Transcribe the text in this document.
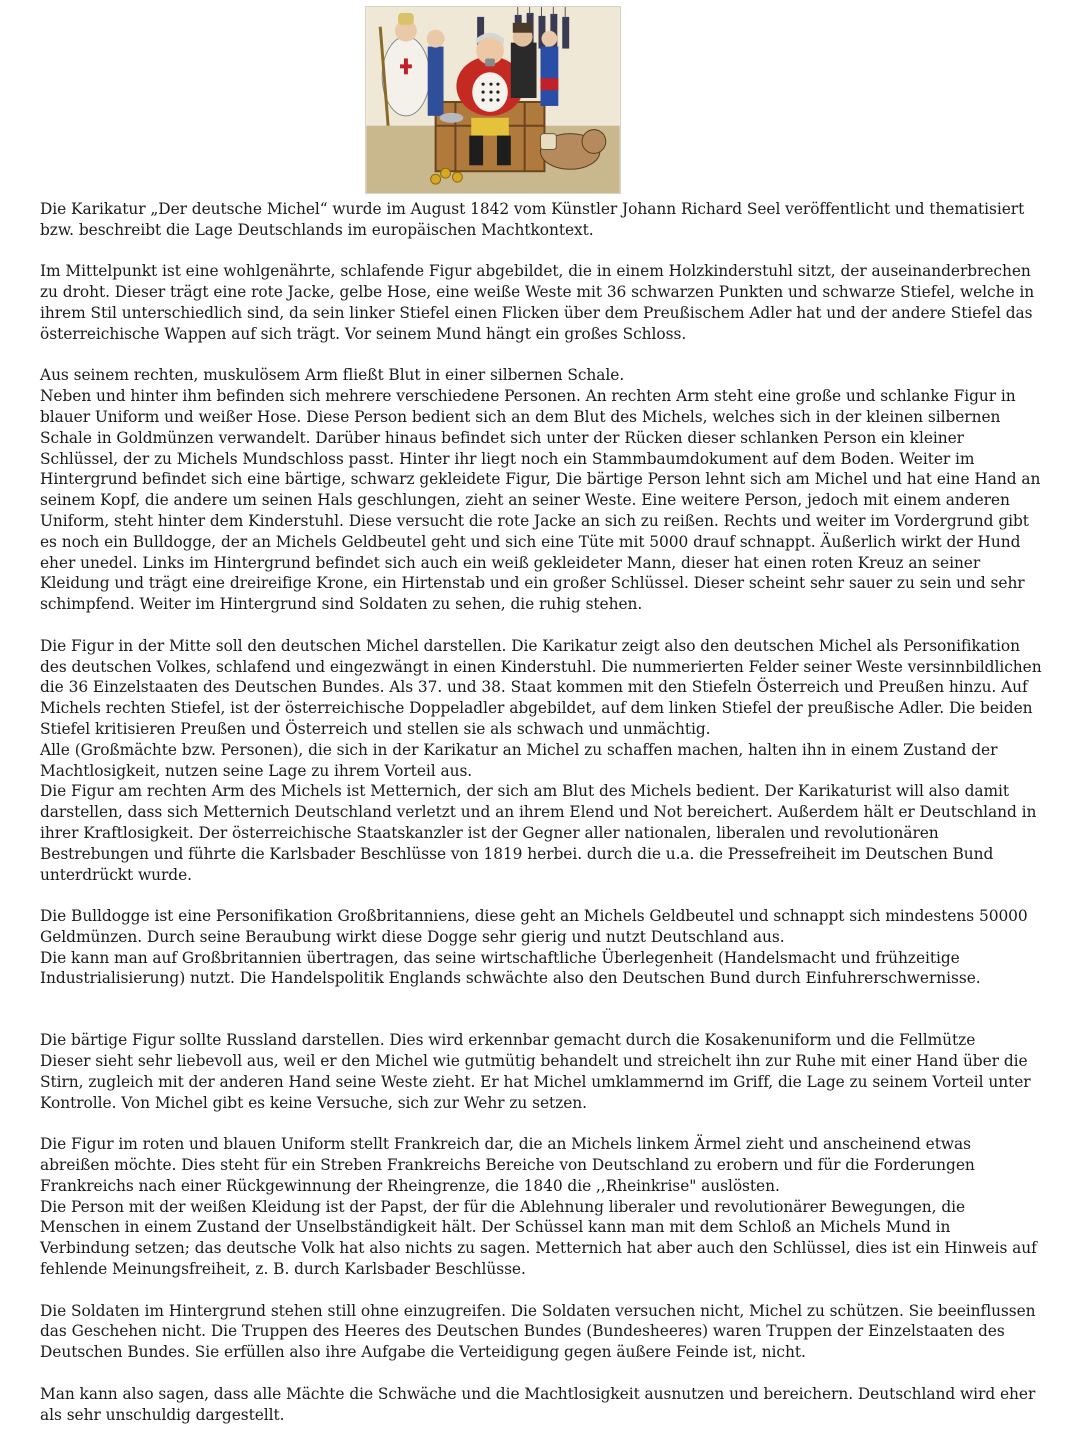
Die Karikatur „Der deutsche Michel“ wurde im August 1842 vom Künstler Johann Richard Seel veröffentlicht und thematisiert bzw. beschreibt die Lage Deutschlands im europäischen Machtkontext.

Im Mittelpunkt ist eine wohlgenährte, schlafende Figur abgebildet, die in einem Holzkinderstuhl sitzt, der auseinanderbrechen zu droht. Dieser trägt eine rote Jacke, gelbe Hose, eine weiße Weste mit 36 schwarzen Punkten und schwarze Stiefel, welche in ihrem Stil unterschiedlich sind, da sein linker Stiefel einen Flicken über dem Preußischem Adler hat und der andere Stiefel das österreichische Wappen auf sich trägt. Vor seinem Mund hängt ein großes Schloss.

Aus seinem rechten, muskulösem Arm fließt Blut in einer silbernen Schale.
Neben und hinter ihm befinden sich mehrere verschiedene Personen. An rechten Arm steht eine große und schlanke Figur in blauer Uniform und weißer Hose. Diese Person bedient sich an dem Blut des Michels, welches sich in der kleinen silbernen Schale in Goldmünzen verwandelt. Darüber hinaus befindet sich unter der Rücken dieser schlanken Person ein kleiner Schlüssel, der zu Michels Mundschloss passt. Hinter ihr liegt noch ein Stammbaumdokument auf dem Boden. Weiter im Hintergrund befindet sich eine bärtige, schwarz gekleidete Figur, Die bärtige Person lehnt sich am Michel und hat eine Hand an seinem Kopf, die andere um seinen Hals geschlungen, zieht an seiner Weste. Eine weitere Person, jedoch mit einem anderen Uniform, steht hinter dem Kinderstuhl. Diese versucht die rote Jacke an sich zu reißen. Rechts und weiter im Vordergrund gibt es noch ein Bulldogge, der an Michels Geldbeutel geht und sich eine Tüte mit 5000 drauf schnappt. Äußerlich wirkt der Hund eher unedel. Links im Hintergrund befindet sich auch ein weiß gekleideter Mann, dieser hat einen roten Kreuz an seiner Kleidung und trägt eine dreireifige Krone, ein Hirtenstab und ein großer Schlüssel. Dieser scheint sehr sauer zu sein und sehr schimpfend. Weiter im Hintergrund sind Soldaten zu sehen, die ruhig stehen.

Die Figur in der Mitte soll den deutschen Michel darstellen. Die Karikatur zeigt also den deutschen Michel als Personifikation des deutschen Volkes, schlafend und eingezwängt in einen Kinderstuhl. Die nummerierten Felder seiner Weste versinnbildlichen die 36 Einzelstaaten des Deutschen Bundes. Als 37. und 38. Staat kommen mit den Stiefeln Österreich und Preußen hinzu. Auf Michels rechten Stiefel, ist der österreichische Doppeladler abgebildet, auf dem linken Stiefel der preußische Adler. Die beiden Stiefel kritisieren Preußen und Österreich und stellen sie als schwach und unmächtig.
Alle (Großmächte bzw. Personen), die sich in der Karikatur an Michel zu schaffen machen, halten ihn in einem Zustand der Machtlosigkeit, nutzen seine Lage zu ihrem Vorteil aus.
Die Figur am rechten Arm des Michels ist Metternich, der sich am Blut des Michels bedient. Der Karikaturist will also damit darstellen, dass sich Metternich Deutschland verletzt und an ihrem Elend und Not bereichert. Außerdem hält er Deutschland in ihrer Kraftlosigkeit. Der österreichische Staatskanzler ist der Gegner aller nationalen, liberalen und revolutionären Bestrebungen und führte die Karlsbader Beschlüsse von 1819 herbei. durch die u.a. die Pressefreiheit im Deutschen Bund unterdrückt wurde.

Die Bulldogge ist eine Personifikation Großbritanniens, diese geht an Michels Geldbeutel und schnappt sich mindestens 50000 Geldmünzen. Durch seine Beraubung wirkt diese Dogge sehr gierig und nutzt Deutschland aus.
Die kann man auf Großbritannien übertragen, das seine wirtschaftliche Überlegenheit (Handelsmacht und frühzeitige Industrialisierung) nutzt. Die Handelspolitik Englands schwächte also den Deutschen Bund durch Einfuhrerschwernisse.

Die bärtige Figur sollte Russland darstellen. Dies wird erkennbar gemacht durch die Kosakenuniform und die Fellmütze
Dieser sieht sehr liebevoll aus, weil er den Michel wie gutmütig behandelt und streichelt ihn zur Ruhe mit einer Hand über die Stirn, zugleich mit der anderen Hand seine Weste zieht. Er hat Michel umklammernd im Griff, die Lage zu seinem Vorteil unter Kontrolle. Von Michel gibt es keine Versuche, sich zur Wehr zu setzen.

Die Figur im roten und blauen Uniform stellt Frankreich dar, die an Michels linkem Ärmel zieht und anscheinend etwas abreißen möchte. Dies steht für ein Streben Frankreichs Bereiche von Deutschland zu erobern und für die Forderungen Frankreichs nach einer Rückgewinnung der Rheingrenze, die 1840 die ,,Rheinkrise" auslösten.
Die Person mit der weißen Kleidung ist der Papst, der für die Ablehnung liberaler und revolutionärer Bewegungen, die Menschen in einem Zustand der Unselbständigkeit hält. Der Schüssel kann man mit dem Schloß an Michels Mund in Verbindung setzen; das deutsche Volk hat also nichts zu sagen. Metternich hat aber auch den Schlüssel, dies ist ein Hinweis auf fehlende Meinungsfreiheit, z. B. durch Karlsbader Beschlüsse.

Die Soldaten im Hintergrund stehen still ohne einzugreifen. Die Soldaten versuchen nicht, Michel zu schützen. Sie beeinflussen das Geschehen nicht. Die Truppen des Heeres des Deutschen Bundes (Bundesheeres) waren Truppen der Einzelstaaten des Deutschen Bundes. Sie erfüllen also ihre Aufgabe die Verteidigung gegen äußere Feinde ist, nicht.

Man kann also sagen, dass alle Mächte die Schwäche und die Machtlosigkeit ausnutzen und bereichern. Deutschland wird eher als sehr unschuldig dargestellt.
